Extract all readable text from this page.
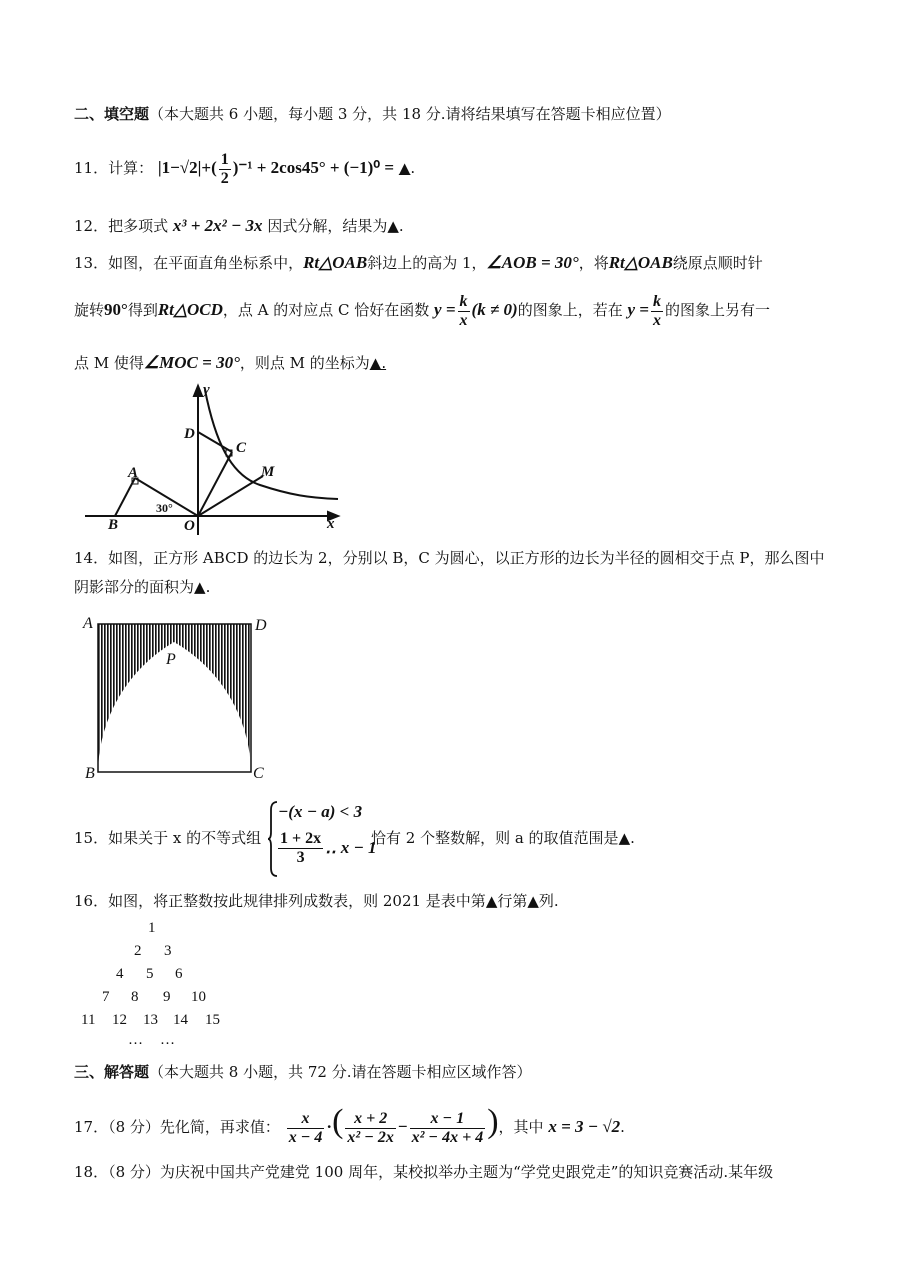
二、填空题（本大题共 6 小题，每小题 3 分，共 18 分.请将结果填写在答题卡相应位置）
11．计算： $|1-√2|+( \frac{1}{2} )^{-1} + 2\cos 45^\circ + (-1)^0$ = ▲.
12．把多项式 x³ + 2x² − 3x 因式分解，结果为▲.
13．如图，在平面直角坐标系中，Rt△OAB斜边上的高为 1，∠AOB = 30°，将Rt△OAB绕原点顺时针
旋转90°得到Rt△OCD，点 A 的对应点 C 恰好在函数 $y = \frac{k}{x} (k \ne 0)$的图象上，若在 $y = \frac{k}{x}$ 的图象上另有一
点 M 使得∠MOC = 30°，则点 M 的坐标为▲.
y
x
D
C
M
A
B	O
30°
14．如图，正方形 ABCD 的边长为 2，分别以 B，C 为圆心，以正方形的边长为半径的圆相交于点 P，那么图中
阴影部分的面积为▲.
A	D
B	C
P
15．如果关于 x 的不等式组
−(x − a) < 3
$\frac{1 + 2x}{3}$ ‥ x − 1
恰有 2 个整数解，则 a 的取值范围是▲.
16．如图，将正整数按此规律排列成数表，则 2021 是表中第▲行第▲列.
1
2 3
4 5 6
7 8 9 10
11 12 13 14 15
… …
三、解答题（本大题共 8 小题，共 72 分.请在答题卡相应区域作答）
17．（8 分）先化简，再求值： $\frac{x}{x - 4}$ ·( $\frac{x + 2}{\text{x² − 2x}} - \frac{x - 1}{\text{x² − 4x + 4}}$ )，其中 x = 3 − √2.
18．（8 分）为庆祝中国共产党建党 100 周年，某校拟举办主题为“学党史跟党走”的知识竞赛活动.某年级
